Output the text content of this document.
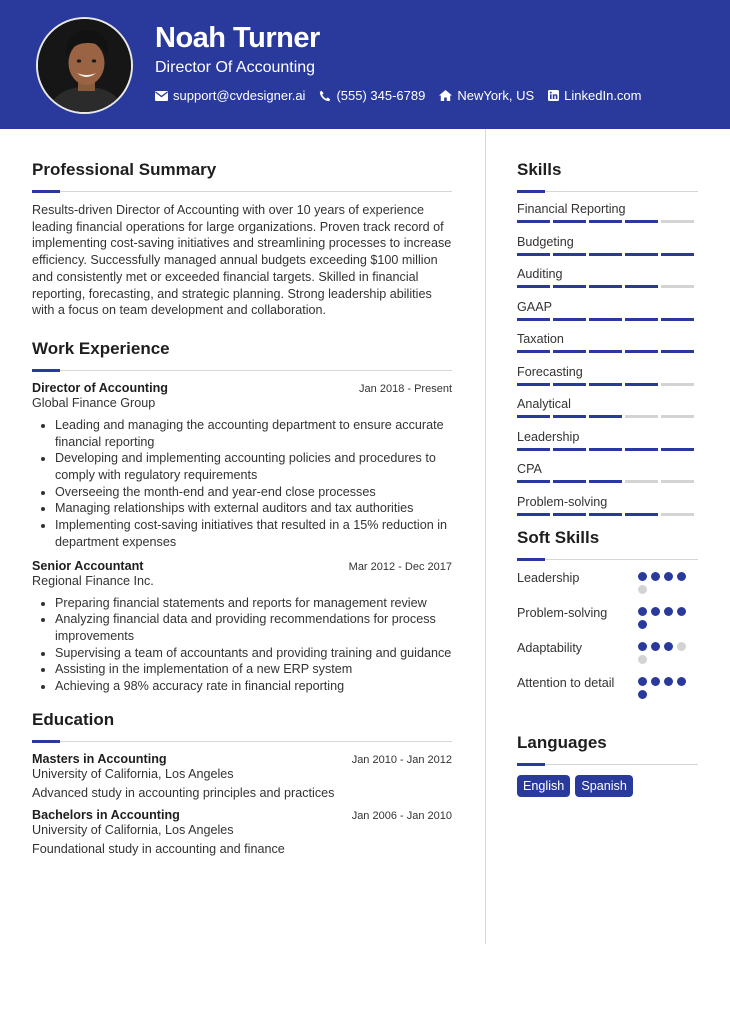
Noah Turner
Director Of Accounting
support@cvdesigner.ai (555) 345-6789 NewYork, US LinkedIn.com
Professional Summary

Results-driven Director of Accounting with over 10 years of experience leading financial operations for large organizations. Proven track record of implementing cost-saving initiatives and streamlining processes to increase efficiency. Successfully managed annual budgets exceeding $100 million and consistently met or exceeded financial targets. Skilled in financial reporting, forecasting, and strategic planning. Strong leadership abilities with a focus on team development and collaboration.

Work Experience
Director of Accounting	Jan 2018 - Present
Global Finance Group
• Leading and managing the accounting department to ensure accurate financial reporting
• Developing and implementing accounting policies and procedures to comply with regulatory requirements
• Overseeing the month-end and year-end close processes
• Managing relationships with external auditors and tax authorities
• Implementing cost-saving initiatives that resulted in a 15% reduction in department expenses
Senior Accountant	Mar 2012 - Dec 2017
Regional Finance Inc.
• Preparing financial statements and reports for management review
• Analyzing financial data and providing recommendations for process improvements
• Supervising a team of accountants and providing training and guidance
• Assisting in the implementation of a new ERP system
• Achieving a 98% accuracy rate in financial reporting
Education
Masters in Accounting	Jan 2010 - Jan 2012
University of California, Los Angeles
Advanced study in accounting principles and practices
Bachelors in Accounting	Jan 2006 - Jan 2010
University of California, Los Angeles
Foundational study in accounting and finance
Skills
Financial Reporting
Budgeting
Auditing
GAAP
Taxation
Forecasting
Analytical
Leadership
CPA
Problem-solving
Soft Skills
Leadership
Problem-solving
Adaptability
Attention to detail
Languages
English	Spanish
